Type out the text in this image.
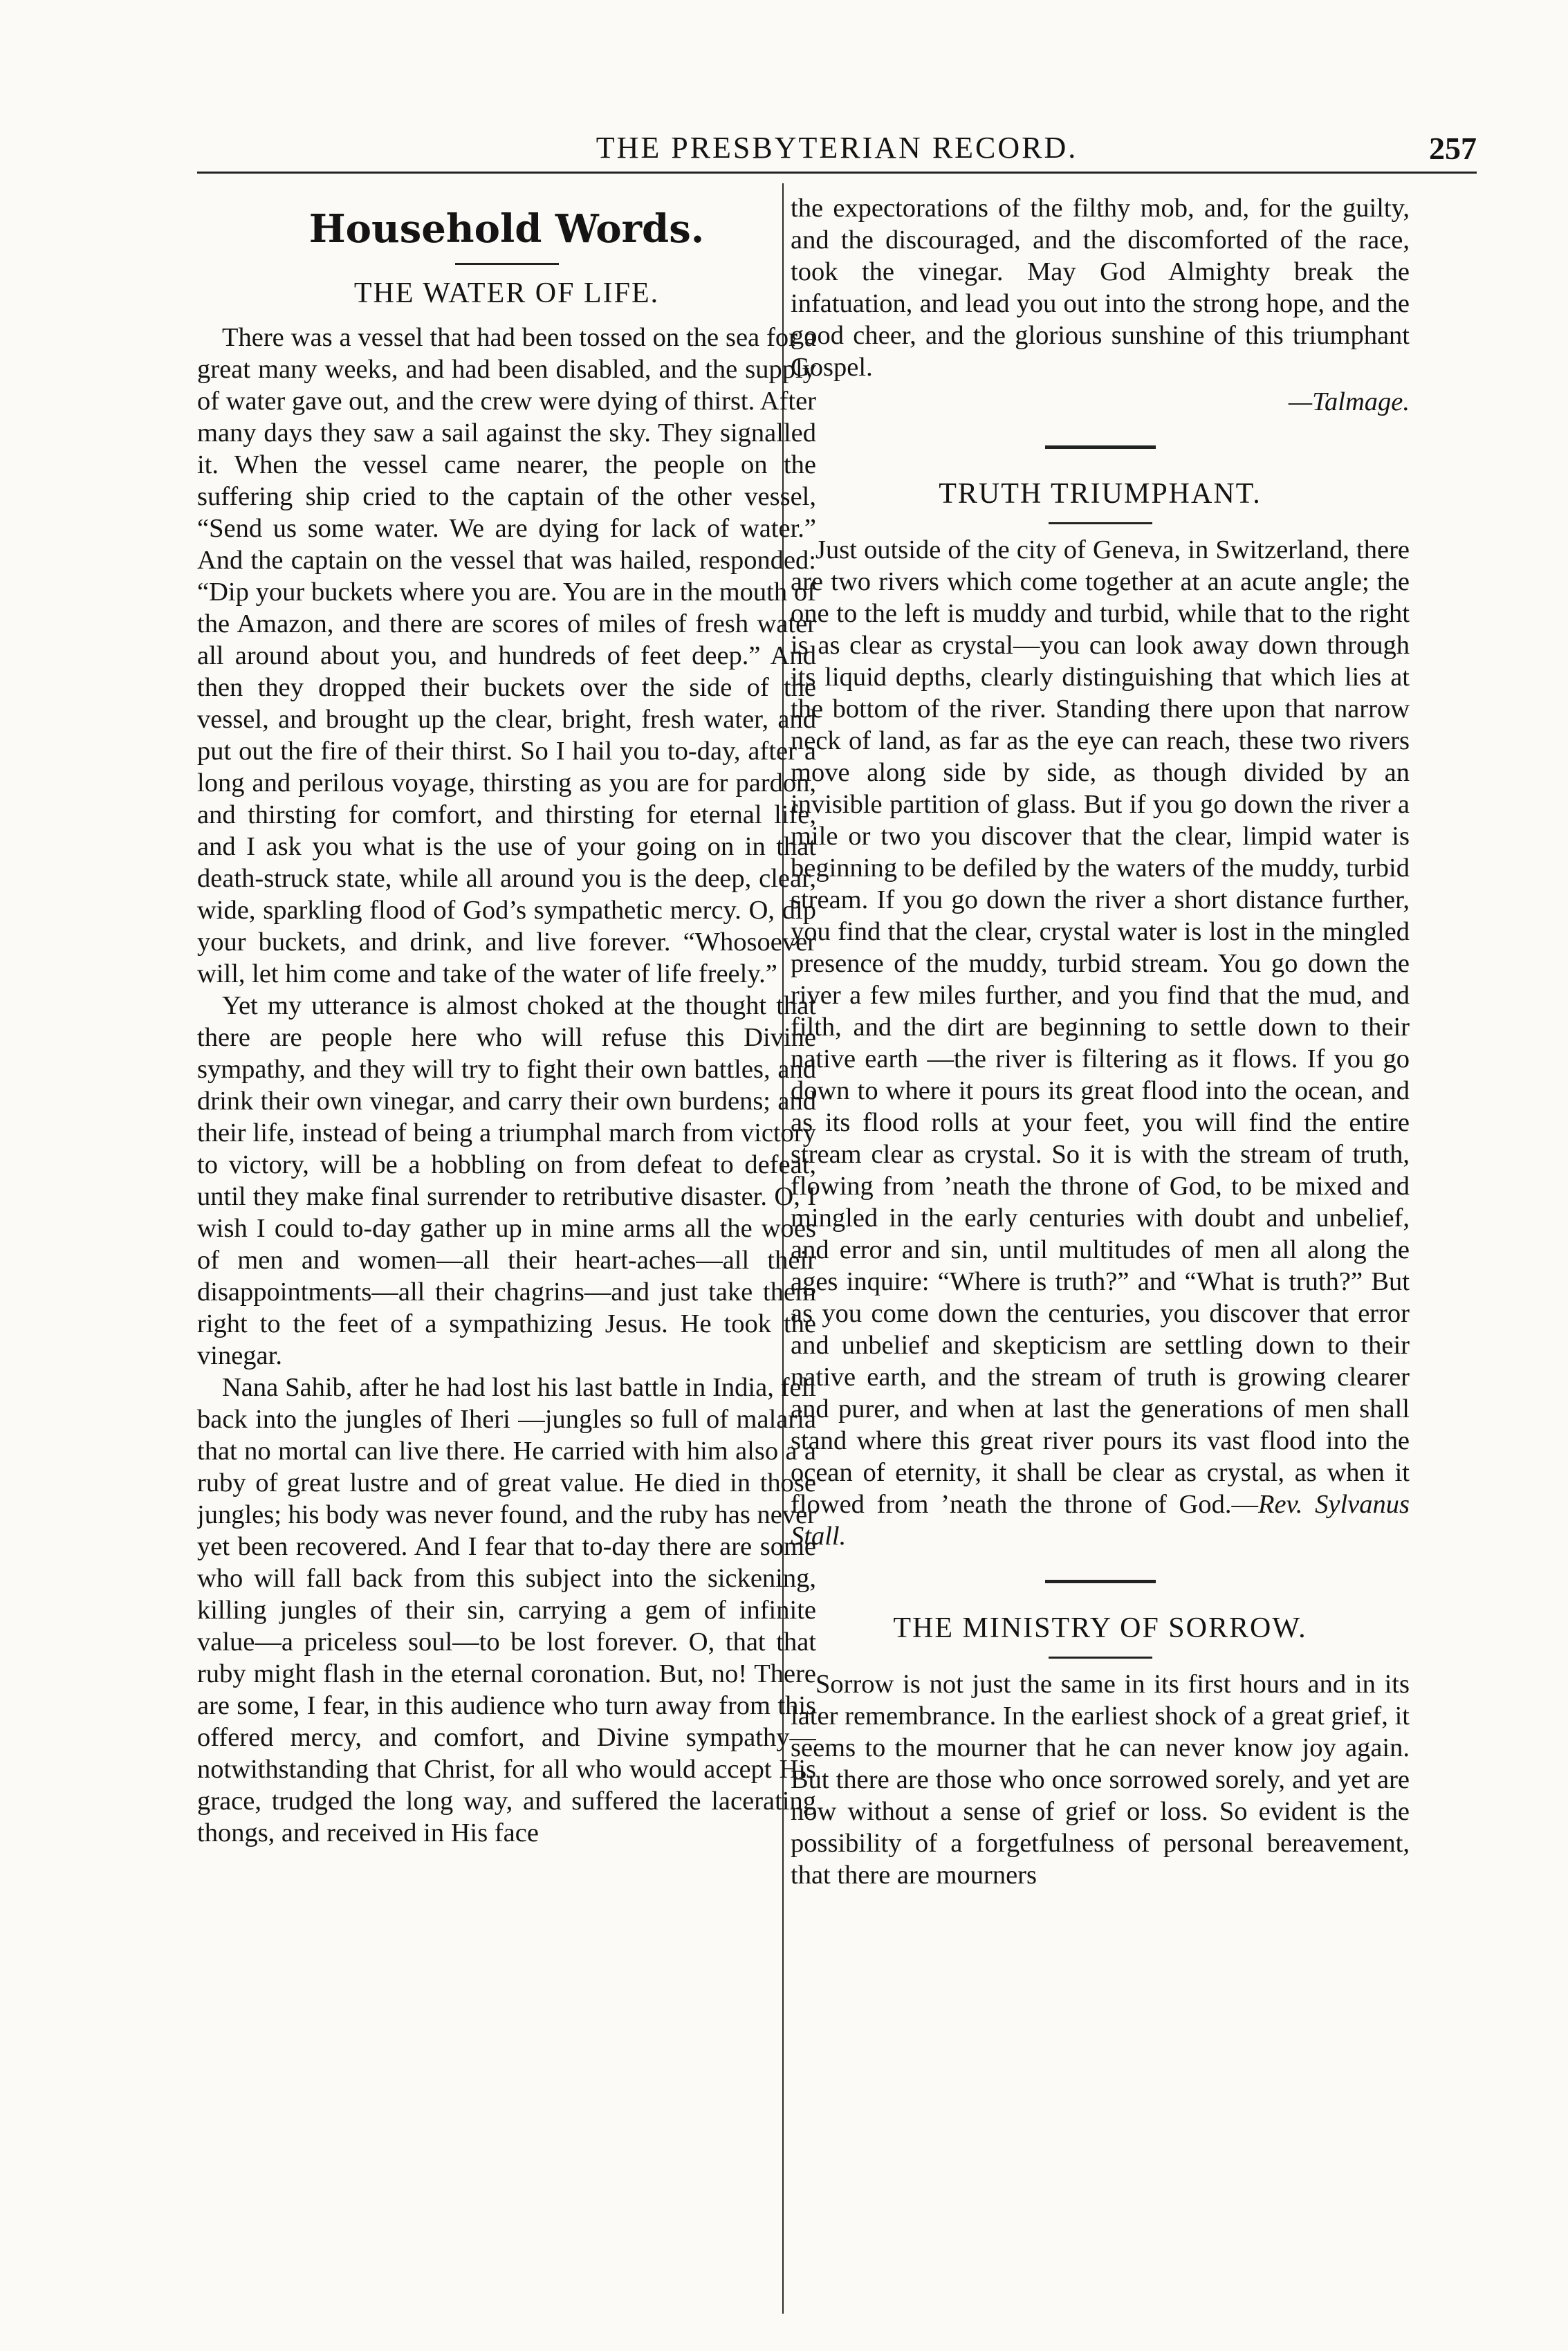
THE PRESBYTERIAN RECORD.	257
Household Words.
THE WATER OF LIFE.

There was a vessel that had been tossed on the sea for a great many weeks, and had been disabled, and the supply of water gave out, and the crew were dying of thirst. After many days they saw a sail against the sky. They signalled it. When the vessel came nearer, the people on the suffering ship cried to the captain of the other vessel, “Send us some water. We are dying for lack of water.” And the captain on the vessel that was hailed, responded: “Dip your buckets where you are. You are in the mouth of the Amazon, and there are scores of miles of fresh water all around about you, and hundreds of feet deep.” And then they dropped their buckets over the side of the vessel, and brought up the clear, bright, fresh water, and put out the fire of their thirst. So I hail you to-day, after a long and perilous voyage, thirsting as you are for pardon, and thirsting for comfort, and thirsting for eternal life, and I ask you what is the use of your going on in that death-struck state, while all around you is the deep, clear, wide, sparkling flood of God’s sympathetic mercy. O, dip your buckets, and drink, and live forever. “Whosoever will, let him come and take of the water of life freely.”

Yet my utterance is almost choked at the thought that there are people here who will refuse this Divine sympathy, and they will try to fight their own battles, and drink their own vinegar, and carry their own burdens; and their life, instead of being a triumphal march from victory to victory, will be a hobbling on from defeat to defeat, until they make final surrender to retributive disaster. O, I wish I could to-day gather up in mine arms all the woes of men and women—all their heart-aches—all their disappointments—all their chagrins—and just take them right to the feet of a sympathizing Jesus. He took the vinegar.

Nana Sahib, after he had lost his last battle in India, fell back into the jungles of Iheri —jungles so full of malaria that no mortal can live there. He carried with him also a a ruby of great lustre and of great value. He died in those jungles; his body was never found, and the ruby has never yet been recovered. And I fear that to-day there are some who will fall back from this subject into the sickening, killing jungles of their sin, carrying a gem of infinite value—a priceless soul—to be lost forever. O, that that ruby might flash in the eternal coronation. But, no! There are some, I fear, in this audience who turn away from this offered mercy, and comfort, and Divine sympathy—notwithstanding that Christ, for all who would accept His grace, trudged the long way, and suffered the lacerating thongs, and received in His face

the expectorations of the filthy mob, and, for the guilty, and the discouraged, and the discomforted of the race, took the vinegar. May God Almighty break the infatuation, and lead you out into the strong hope, and the good cheer, and the glorious sunshine of this triumphant Gospel.

—Talmage.
TRUTH TRIUMPHANT.

Just outside of the city of Geneva, in Switzerland, there are two rivers which come together at an acute angle; the one to the left is muddy and turbid, while that to the right is as clear as crystal—you can look away down through its liquid depths, clearly distinguishing that which lies at the bottom of the river. Standing there upon that narrow neck of land, as far as the eye can reach, these two rivers move along side by side, as though divided by an invisible partition of glass. But if you go down the river a mile or two you discover that the clear, limpid water is beginning to be defiled by the waters of the muddy, turbid stream. If you go down the river a short distance further, you find that the clear, crystal water is lost in the mingled presence of the muddy, turbid stream. You go down the river a few miles further, and you find that the mud, and filth, and the dirt are beginning to settle down to their native earth —the river is filtering as it flows. If you go down to where it pours its great flood into the ocean, and as its flood rolls at your feet, you will find the entire stream clear as crystal. So it is with the stream of truth, flowing from ’neath the throne of God, to be mixed and mingled in the early centuries with doubt and unbelief, and error and sin, until multitudes of men all along the ages inquire: “Where is truth?” and “What is truth?” But as you come down the centuries, you discover that error and unbelief and skepticism are settling down to their native earth, and the stream of truth is growing clearer and purer, and when at last the generations of men shall stand where this great river pours its vast flood into the ocean of eternity, it shall be clear as crystal, as when it flowed from ’neath the throne of God.—Rev. Sylvanus Stall.

THE MINISTRY OF SORROW.

Sorrow is not just the same in its first hours and in its later remembrance. In the earliest shock of a great grief, it seems to the mourner that he can never know joy again. But there are those who once sorrowed sorely, and yet are now without a sense of grief or loss. So evident is the possibility of a forgetfulness of personal bereavement, that there are mourners
